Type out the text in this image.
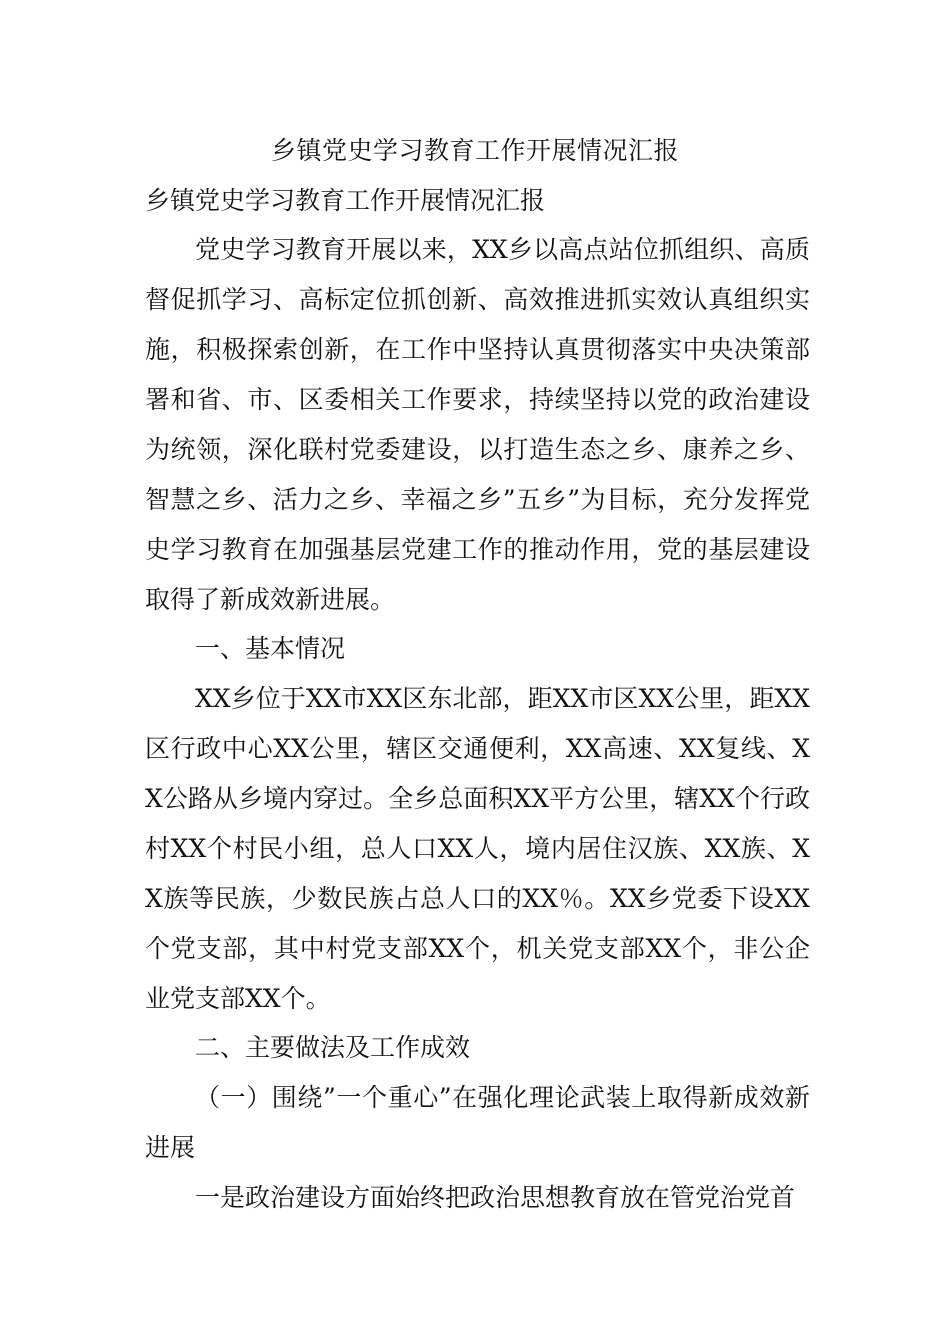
乡镇党史学习教育工作开展情况汇报
乡镇党史学习教育工作开展情况汇报
党史学习教育开展以来，XX乡以高点站位抓组织、高质督促抓学习、高标定位抓创新、高效推进抓实效认真组织实施，积极探索创新，在工作中坚持认真贯彻落实中央决策部署和省、市、区委相关工作要求，持续坚持以党的政治建设为统领，深化联村党委建设，以打造生态之乡、康养之乡、智慧之乡、活力之乡、幸福之乡”五乡”为目标，充分发挥党史学习教育在加强基层党建工作的推动作用，党的基层建设取得了新成效新进展。
一、基本情况
XX乡位于XX市XX区东北部，距XX市区XX公里，距XX区行政中心XX公里，辖区交通便利，XX高速、XX复线、XX公路从乡境内穿过。全乡总面积XX平方公里，辖XX个行政村XX个村民小组，总人口XX人，境内居住汉族、XX族、XX族等民族，少数民族占总人口的XX％。XX乡党委下设XX个党支部，其中村党支部XX个，机关党支部XX个，非公企业党支部XX个。
二、主要做法及工作成效
（一）围绕”一个重心”在强化理论武装上取得新成效新进展
一是政治建设方面始终把政治思想教育放在管党治党首
